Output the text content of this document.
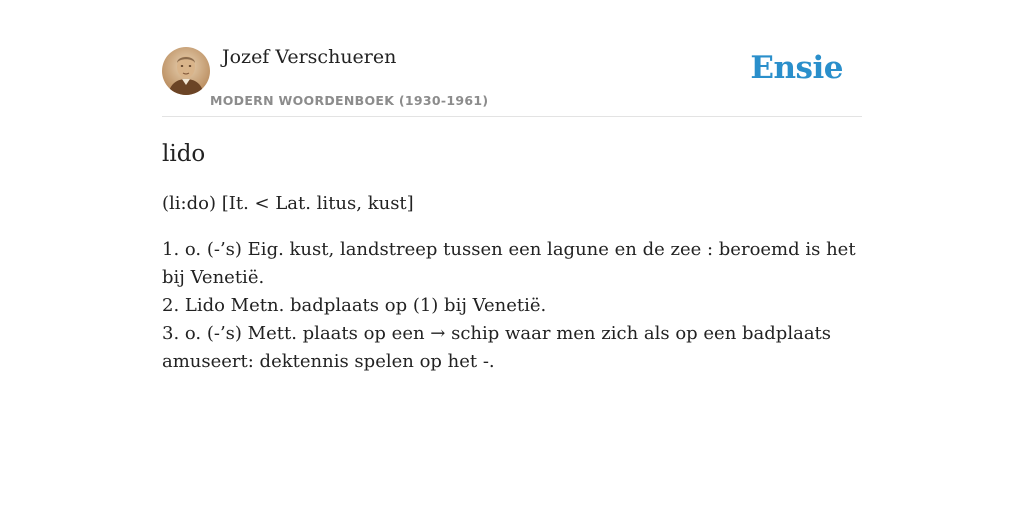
Jozef Verschueren
MODERN WOORDENBOEK (1930-1961)
Ensie
lido

(li:do) [It. < Lat. litus, kust]

1. o. (-’s) Eig. kust, landstreep tussen een lagune en de zee : beroemd is het bij Venetië.
2. Lido Metn. badplaats op (1) bij Venetië.
3. o. (-’s) Mett. plaats op een → schip waar men zich als op een badplaats amuseert: dektennis spelen op het -.
